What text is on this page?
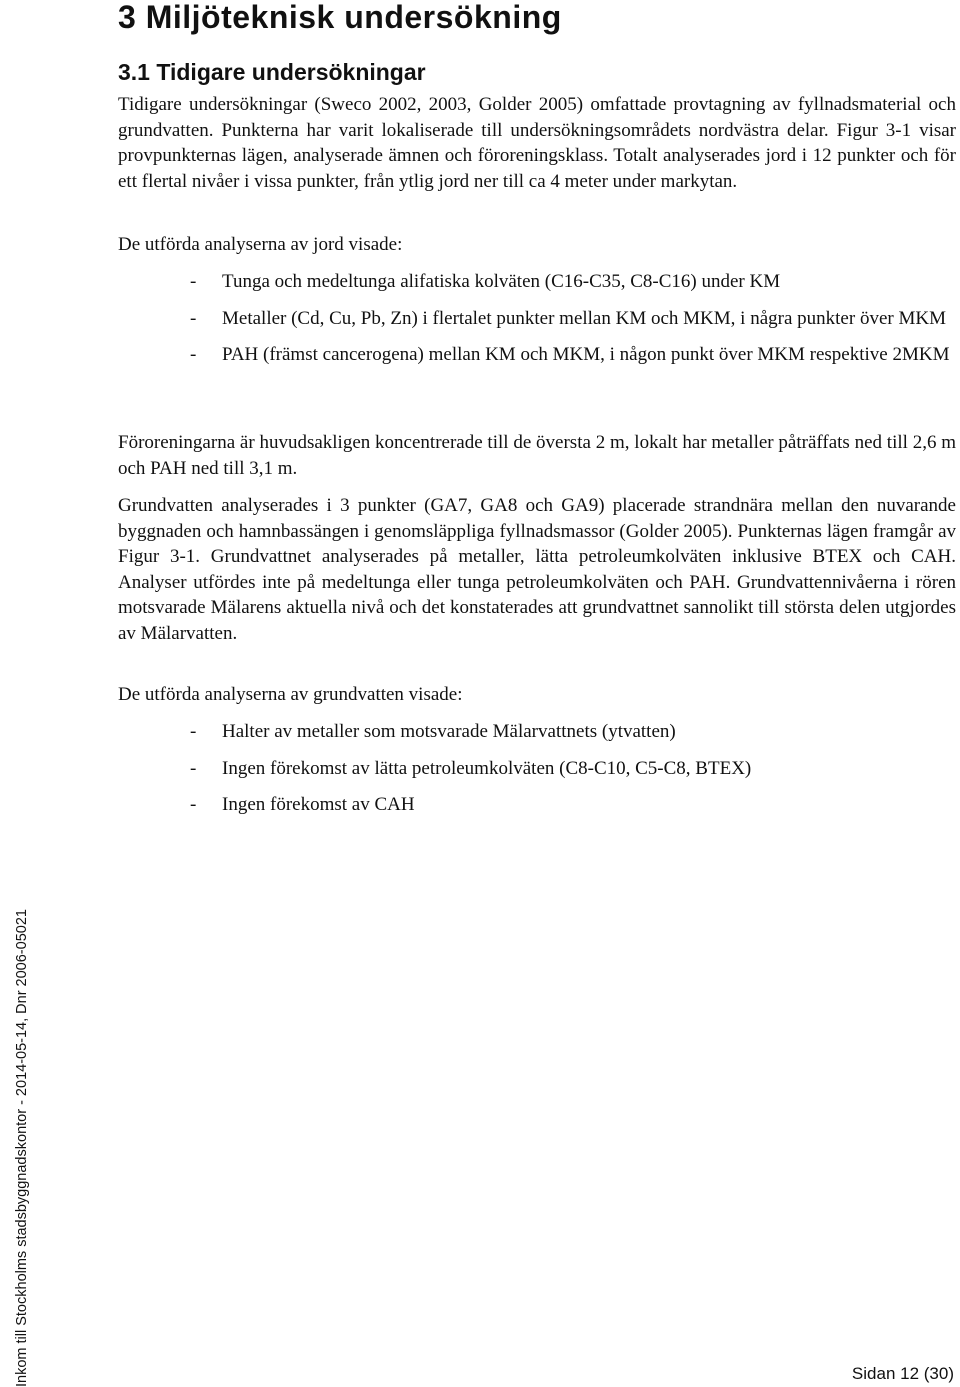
3 Miljöteknisk undersökning
3.1 Tidigare undersökningar

Tidigare undersökningar (Sweco 2002, 2003, Golder 2005) omfattade provtagning av fyllnadsmaterial och grundvatten. Punkterna har varit lokaliserade till undersökningsområdets nordvästra delar. Figur 3-1 visar provpunkternas lägen, analyserade ämnen och föroreningsklass. Totalt analyserades jord i 12 punkter och för ett flertal nivåer i vissa punkter, från ytlig jord ner till ca 4 meter under markytan.

De utförda analyserna av jord visade:

- Tunga och medeltunga alifatiska kolväten (C16-C35, C8-C16) under KM
- Metaller (Cd, Cu, Pb, Zn) i flertalet punkter mellan KM och MKM, i några punkter över MKM
- PAH (främst cancerogena) mellan KM och MKM, i någon punkt över MKM respektive 2MKM

Föroreningarna är huvudsakligen koncentrerade till de översta 2 m, lokalt har metaller påträffats ned till 2,6 m och PAH ned till 3,1 m.

Grundvatten analyserades i 3 punkter (GA7, GA8 och GA9) placerade strandnära mellan den nuvarande byggnaden och hamnbassängen i genomsläppliga fyllnadsmassor (Golder 2005). Punkternas lägen framgår av Figur 3-1. Grundvattnet analyserades på metaller, lätta petroleumkolväten inklusive BTEX och CAH. Analyser utfördes inte på medeltunga eller tunga petroleumkolväten och PAH. Grundvattennivåerna i rören motsvarade Mälarens aktuella nivå och det konstaterades att grundvattnet sannolikt till största delen utgjordes av Mälarvatten.

De utförda analyserna av grundvatten visade:

- Halter av metaller som motsvarade Mälarvattnets (ytvatten)
- Ingen förekomst av lätta petroleumkolväten (C8-C10, C5-C8, BTEX)
- Ingen förekomst av CAH
Inkom till Stockholms stadsbyggnadskontor - 2014-05-14, Dnr 2006-05021	Sidan 12 (30)
